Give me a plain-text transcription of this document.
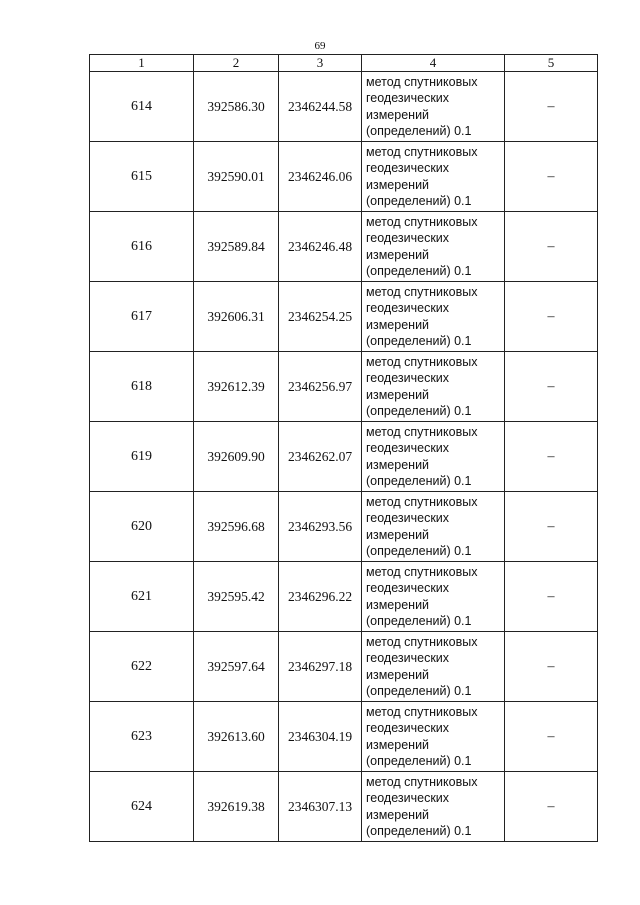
69
1	2	3	4	5
614	392586.30	2346244.58	метод спутниковых
геодезических
измерений
(определений) 0.1	–
615	392590.01	2346246.06	метод спутниковых
геодезических
измерений
(определений) 0.1	–
616	392589.84	2346246.48	метод спутниковых
геодезических
измерений
(определений) 0.1	–
617	392606.31	2346254.25	метод спутниковых
геодезических
измерений
(определений) 0.1	–
618	392612.39	2346256.97	метод спутниковых
геодезических
измерений
(определений) 0.1	–
619	392609.90	2346262.07	метод спутниковых
геодезических
измерений
(определений) 0.1	–
620	392596.68	2346293.56	метод спутниковых
геодезических
измерений
(определений) 0.1	–
621	392595.42	2346296.22	метод спутниковых
геодезических
измерений
(определений) 0.1	–
622	392597.64	2346297.18	метод спутниковых
геодезических
измерений
(определений) 0.1	–
623	392613.60	2346304.19	метод спутниковых
геодезических
измерений
(определений) 0.1	–
624	392619.38	2346307.13	метод спутниковых
геодезических
измерений
(определений) 0.1	–
